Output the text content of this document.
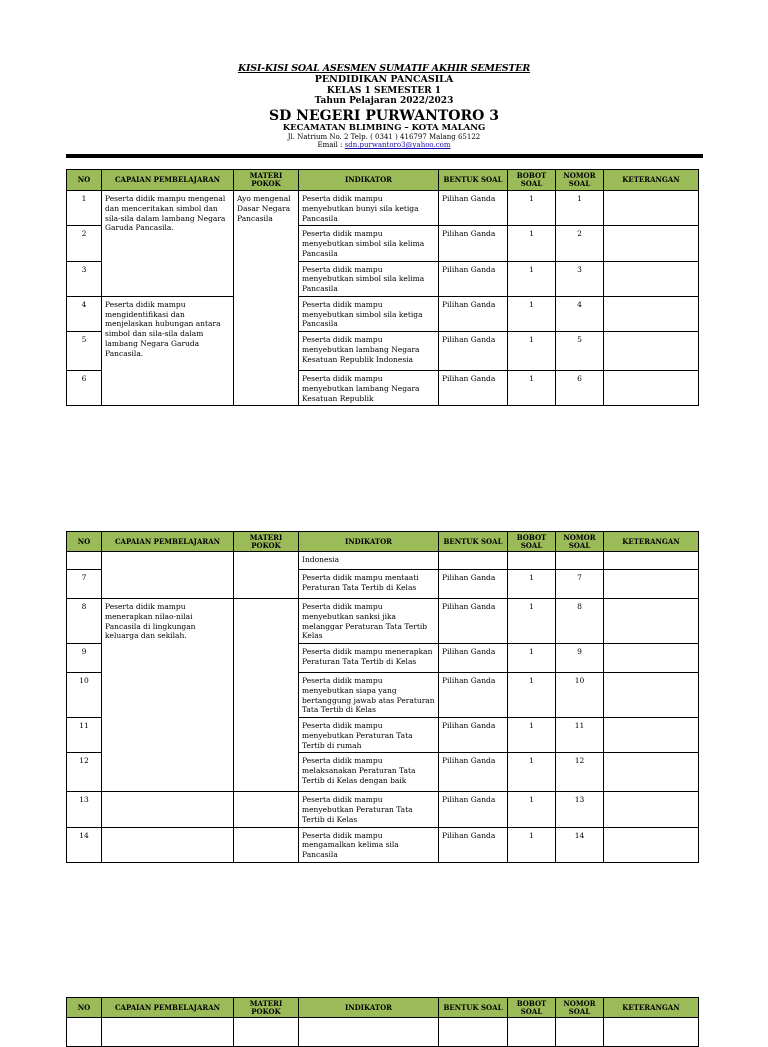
KISI-KISI SOAL ASESMEN SUMATIF AKHIR SEMESTER
PENDIDIKAN PANCASILA
KELAS 1 SEMESTER 1
Tahun Pelajaran 2022/2023
SD NEGERI PURWANTORO 3
KECAMATAN BLIMBING – KOTA MALANG
Jl. Natrium No. 2 Telp. ( 0341 ) 416797 Malang 65122
Email : sdn.purwantoro3@yahoo.com
NO	CAPAIAN PEMBELAJARAN	MATERI POKOK	INDIKATOR	BENTUK SOAL	BOBOT SOAL	NOMOR SOAL	KETERANGAN
1	Peserta didik mampu mengenal dan menceritakan simbol dan sila-sila dalam lambang Negara Garuda Pancasila.	Ayo mengenal Dasar Negara Pancasila	Peserta didik mampu menyebutkan bunyi sila ketiga Pancasila	Pilihan Ganda	1	1	
2			Peserta didik mampu menyebutkan simbol sila kelima Pancasila	Pilihan Ganda	1	2	
3			Peserta didik mampu menyebutkan simbol sila kelima Pancasila	Pilihan Ganda	1	3	
4	Peserta didik mampu mengidentifikasi dan menjelaskan hubungan antara simbol dan sila-sila dalam lambang Negara Garuda Pancasila.		Peserta didik mampu menyebutkan simbol sila ketiga Pancasila	Pilihan Ganda	1	4	
5			Peserta didik mampu menyebutkan lambang Negara Kesatuan Republik Indonesia	Pilihan Ganda	1	5	
6			Peserta didik mampu menyebutkan lambang Negara Kesatuan Republik	Pilihan Ganda	1	6	
NO	CAPAIAN PEMBELAJARAN	MATERI POKOK	INDIKATOR	BENTUK SOAL	BOBOT SOAL	NOMOR SOAL	KETERANGAN
			Indonesia				
7			Peserta didik mampu mentaati Peraturan Tata Tertib di Kelas	Pilihan Ganda	1	7	
8	Peserta didik mampu menerapkan nilao-nilai Pancasila di lingkungan keluarga dan sekilah.		Peserta didik mampu menyebutkan sanksi jika melanggar Peraturan Tata Tertib Kelas	Pilihan Ganda	1	8	
9			Peserta didik mampu menerapkan Peraturan Tata Tertib di Kelas	Pilihan Ganda	1	9	
10			Peserta didik mampu menyebutkan siapa yang bertanggung jawab atas Peraturan Tata Tertib di Kelas	Pilihan Ganda	1	10	
11			Peserta didik mampu menyebutkan Peraturan Tata Tertib di rumah	Pilihan Ganda	1	11	
12			Peserta didik mampu melaksanakan Peraturan Tata Tertib di Kelas dengan baik	Pilihan Ganda	1	12	
13			Peserta didik mampu menyebutkan Peraturan Tata Tertib di Kelas	Pilihan Ganda	1	13	
14			Peserta didik mampu mengamalkan kelima sila Pancasila	Pilihan Ganda	1	14	
NO	CAPAIAN PEMBELAJARAN	MATERI POKOK	INDIKATOR	BENTUK SOAL	BOBOT SOAL	NOMOR SOAL	KETERANGAN
